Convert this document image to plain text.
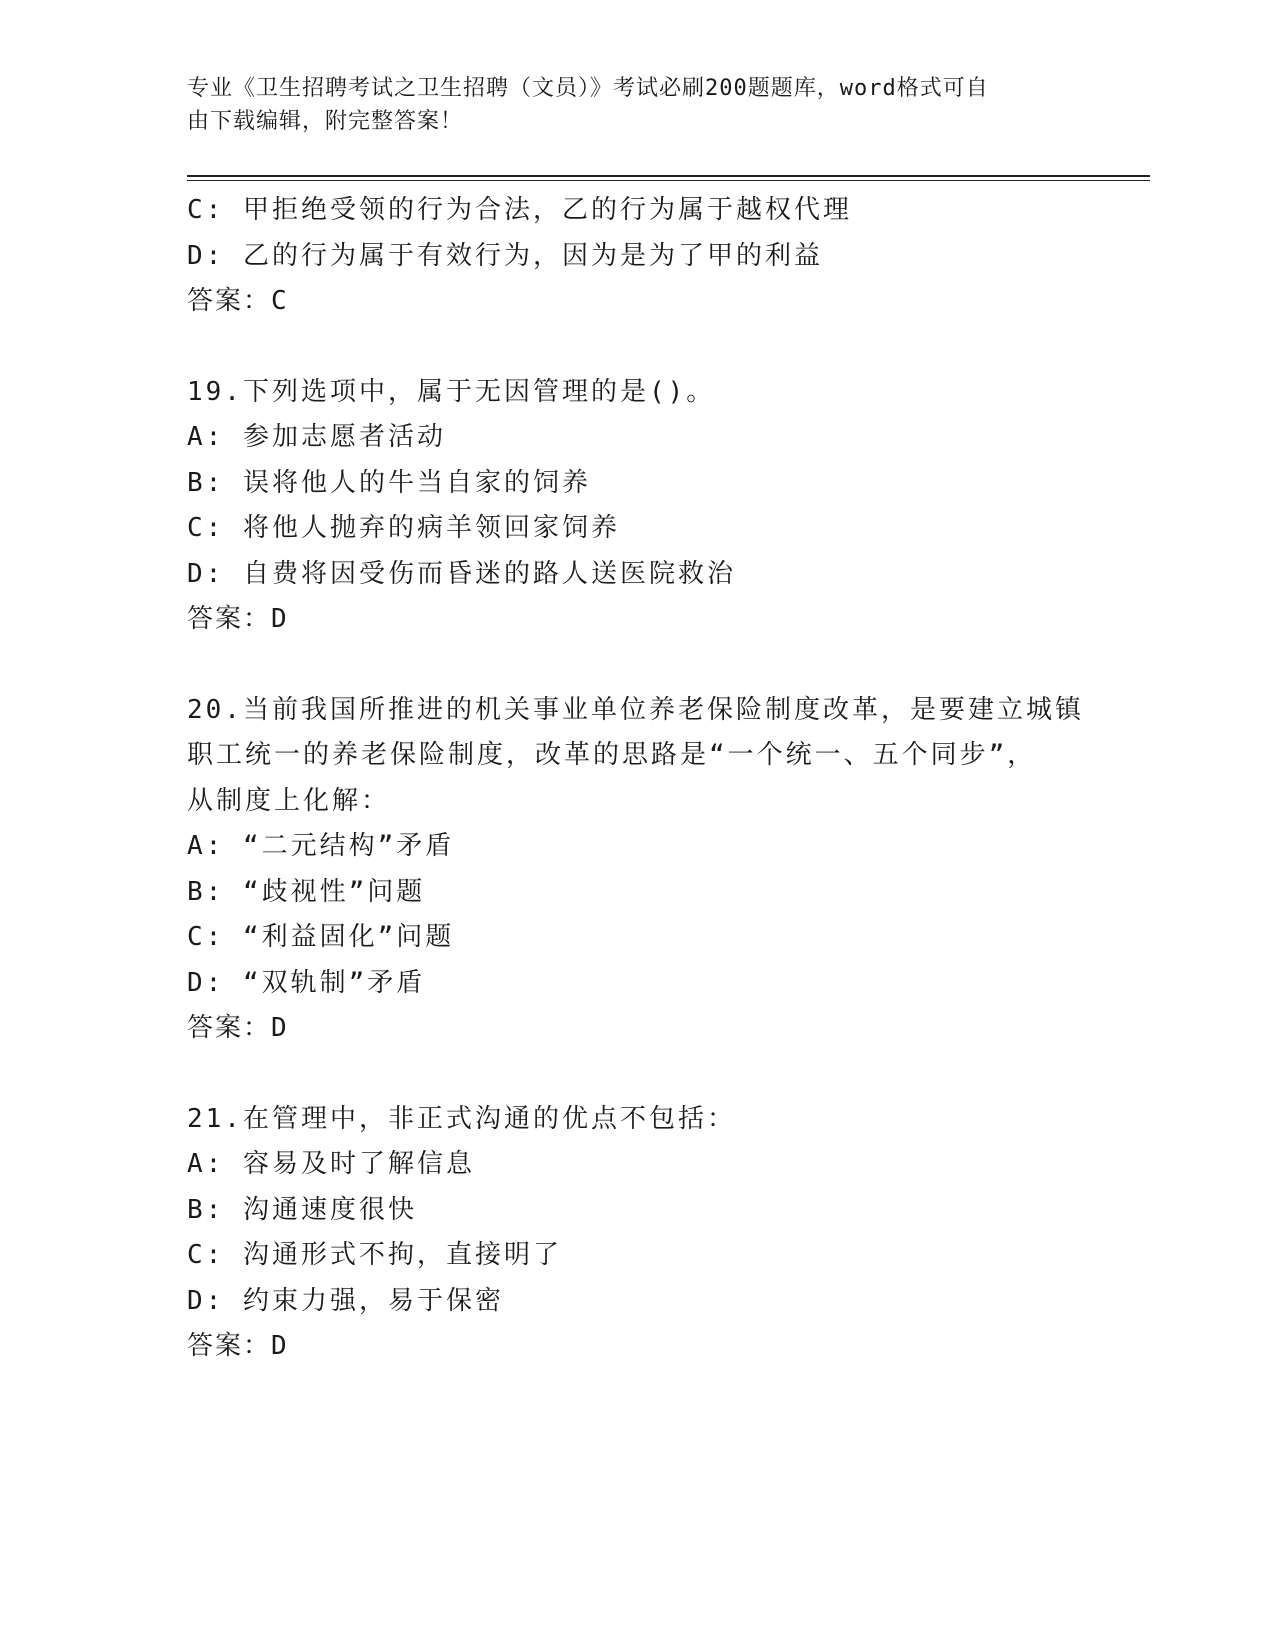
专业《卫生招聘考试之卫生招聘（文员）》考试必刷200题题库，word格式可自
由下载编辑，附完整答案！
C: 甲拒绝受领的行为合法，乙的行为属于越权代理
D: 乙的行为属于有效行为，因为是为了甲的利益
答案：C
19.下列选项中，属于无因管理的是()。
A: 参加志愿者活动
B: 误将他人的牛当自家的饲养
C: 将他人抛弃的病羊领回家饲养
D: 自费将因受伤而昏迷的路人送医院救治
答案：D
20.当前我国所推进的机关事业单位养老保险制度改革，是要建立城镇
职工统一的养老保险制度，改革的思路是“一个统一、五个同步”，
从制度上化解：
A: “二元结构”矛盾
B: “歧视性”问题
C: “利益固化”问题
D: “双轨制”矛盾
答案：D
21.在管理中，非正式沟通的优点不包括：
A: 容易及时了解信息
B: 沟通速度很快
C: 沟通形式不拘，直接明了
D: 约束力强，易于保密
答案：D
